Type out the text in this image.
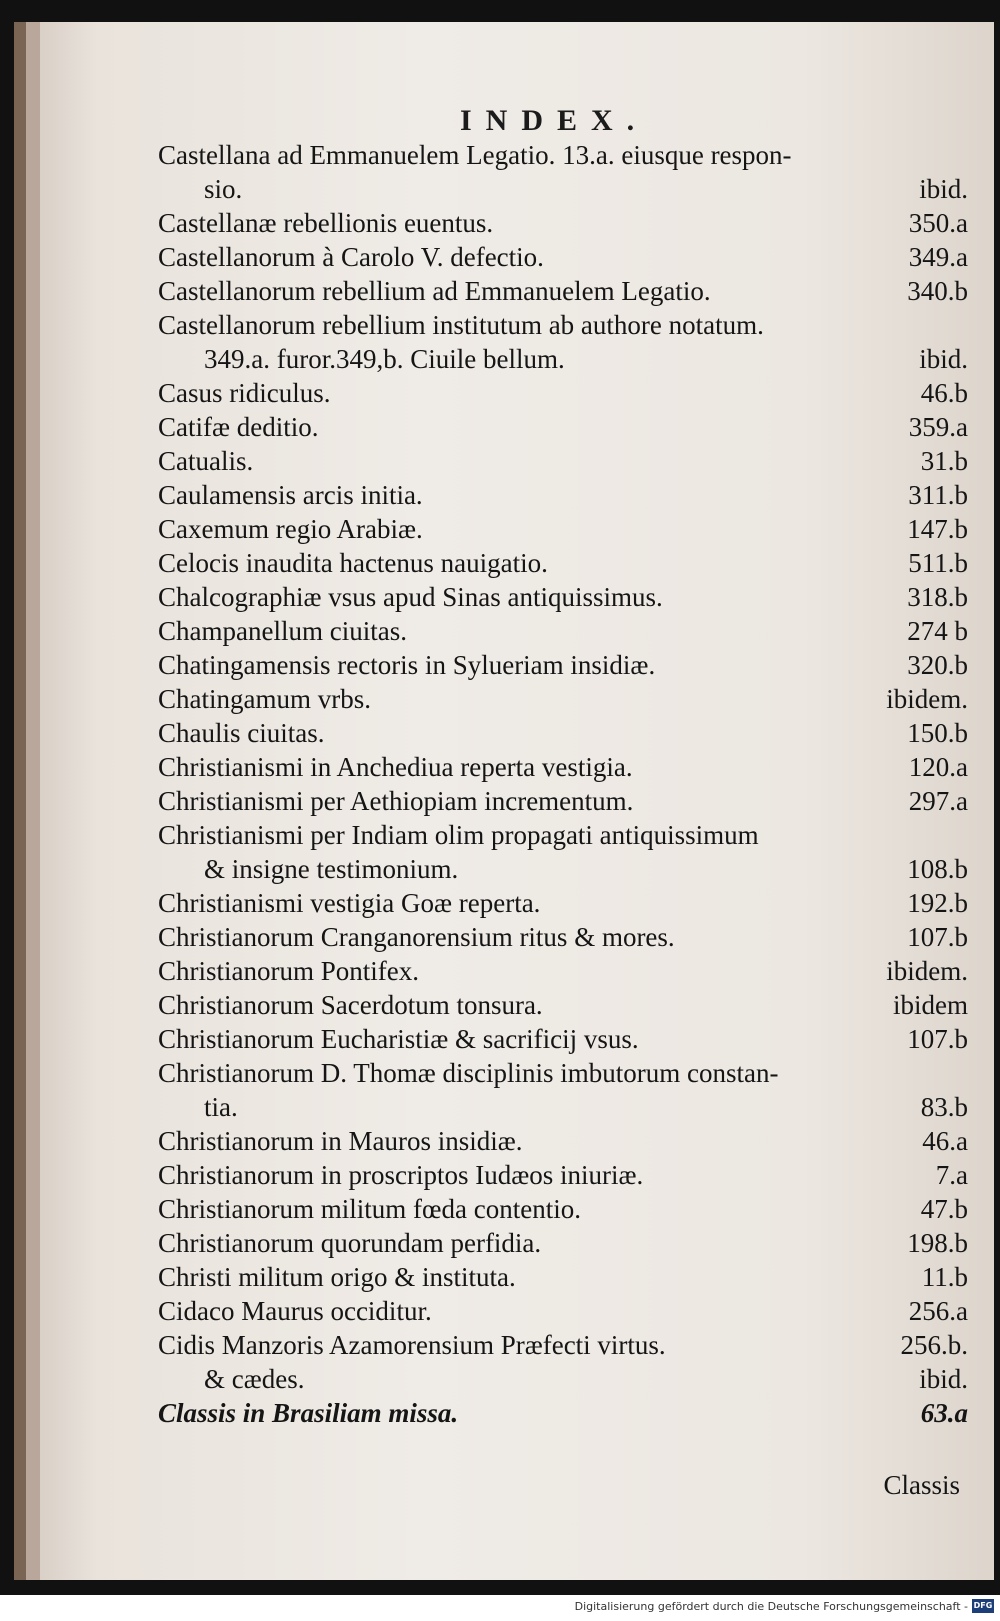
INDEX.
Castellana ad Emmanuelem Legatio. 13.a. eiusque respon-
sio.	ibid.
Castellanæ rebellionis euentus.	350.a
Castellanorum à Carolo V. defectio.	349.a
Castellanorum rebellium ad Emmanuelem Legatio.	340.b
Castellanorum rebellium institutum ab authore notatum.
349.a. furor.349,b. Ciuile bellum.	ibid.
Casus ridiculus.	46.b
Catifæ deditio.	359.a
Catualis.	31.b
Caulamensis arcis initia.	311.b
Caxemum regio Arabiæ.	147.b
Celocis inaudita hactenus nauigatio.	511.b
Chalcographiæ vsus apud Sinas antiquissimus.	318.b
Champanellum ciuitas.	274 b
Chatingamensis rectoris in Sylueriam insidiæ.	320.b
Chatingamum vrbs.	ibidem.
Chaulis ciuitas.	150.b
Christianismi in Anchediua reperta vestigia.	120.a
Christianismi per Aethiopiam incrementum.	297.a
Christianismi per Indiam olim propagati antiquissimum
& insigne testimonium.	108.b
Christianismi vestigia Goæ reperta.	192.b
Christianorum Cranganorensium ritus & mores.	107.b
Christianorum Pontifex.	ibidem.
Christianorum Sacerdotum tonsura.	ibidem
Christianorum Eucharistiæ & sacrificij vsus.	107.b
Christianorum D. Thomæ disciplinis imbutorum constan-
tia.	83.b
Christianorum in Mauros insidiæ.	46.a
Christianorum in proscriptos Iudæos iniuriæ.	7.a
Christianorum militum fœda contentio.	47.b
Christianorum quorundam perfidia.	198.b
Christi militum origo & instituta.	11.b
Cidaco Maurus occiditur.	256.a
Cidis Manzoris Azamorensium Præfecti virtus.	256.b.
& cædes.	ibid.
Classis in Brasiliam missa.	63.a
Classis
Digitalisierung gefördert durch die Deutsche Forschungsgemeinschaft - DFG
